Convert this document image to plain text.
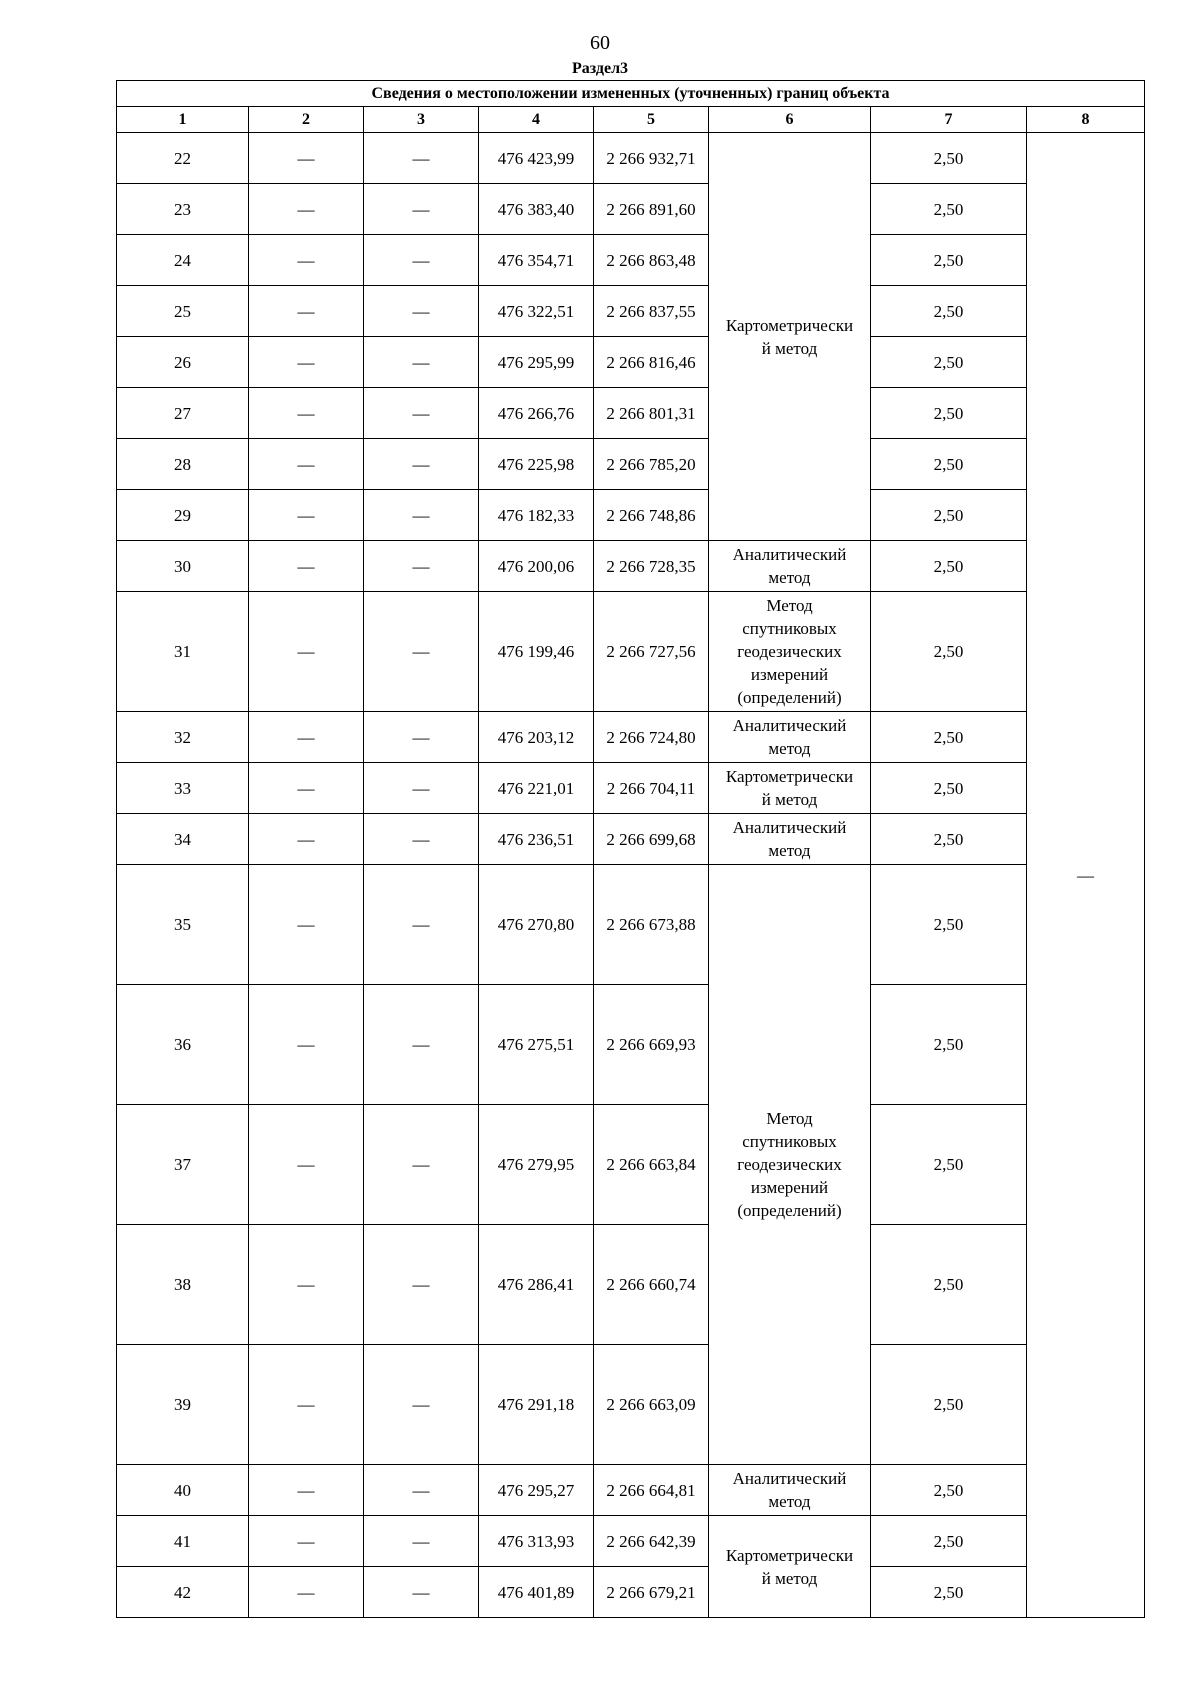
60
Раздел3
Сведения о местоположении измененных (уточненных) границ объекта							
1	2	3	4	5	6	7	8
22	—	—	476 423,99	2 266 932,71	Картометрически
й метод	2,50	—
23	—	—	476 383,40	2 266 891,60		2,50	
24	—	—	476 354,71	2 266 863,48		2,50	
25	—	—	476 322,51	2 266 837,55		2,50	
26	—	—	476 295,99	2 266 816,46		2,50	
27	—	—	476 266,76	2 266 801,31		2,50	
28	—	—	476 225,98	2 266 785,20		2,50	
29	—	—	476 182,33	2 266 748,86		2,50	
30	—	—	476 200,06	2 266 728,35	Аналитический
метод	2,50	
31	—	—	476 199,46	2 266 727,56	Метод
спутниковых
геодезических
измерений
(определений)	2,50	
32	—	—	476 203,12	2 266 724,80	Аналитический
метод	2,50	
33	—	—	476 221,01	2 266 704,11	Картометрически
й метод	2,50	
34	—	—	476 236,51	2 266 699,68	Аналитический
метод	2,50	
35	—	—	476 270,80	2 266 673,88	Метод
спутниковых
геодезических
измерений
(определений)	2,50	
36	—	—	476 275,51	2 266 669,93		2,50	
37	—	—	476 279,95	2 266 663,84		2,50	
38	—	—	476 286,41	2 266 660,74		2,50	
39	—	—	476 291,18	2 266 663,09		2,50	
40	—	—	476 295,27	2 266 664,81	Аналитический
метод	2,50	
41	—	—	476 313,93	2 266 642,39	Картометрически
й метод	2,50	
42	—	—	476 401,89	2 266 679,21		2,50	
